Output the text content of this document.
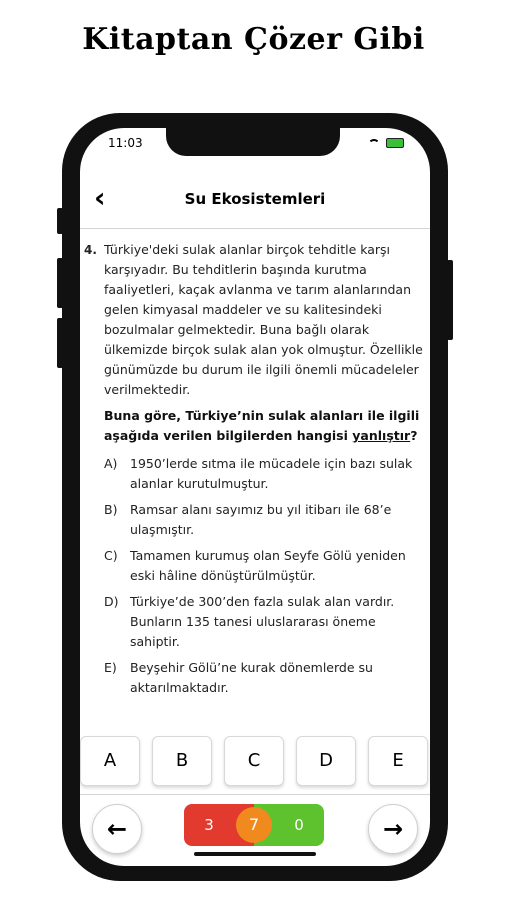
Kitaptan Çözer Gibi
11:03
‹	Su Ekosistemleri
4. Türkiye'deki sulak alanlar birçok tehditle karşı karşıyadır. Bu tehditlerin başında kurutma faaliyetleri, kaçak avlanma ve tarım alanlarından gelen kimyasal maddeler ve su kalitesindeki bozulmalar gelmektedir. Buna bağlı olarak ülkemizde birçok sulak alan yok olmuştur. Özellikle günümüzde bu durum ile ilgili önemli mücadeleler verilmektedir.
Buna göre, Türkiye’nin sulak alanları ile ilgili aşağıda verilen bilgilerden hangisi yanlıştır?
A)	1950’lerde sıtma ile mücadele için bazı sulak alanlar kurutulmuştur.
B)	Ramsar alanı sayımız bu yıl itibarı ile 68’e ulaşmıştır.
C) Tamamen kurumuş olan Seyfe Gölü yeniden eski hâline dönüştürülmüştür.
D) Türkiye’de 300’den fazla sulak alan vardır. Bunların 135 tanesi uluslararası öneme sahiptir.
E)	Beyşehir Gölü’ne kurak dönemlerde su aktarılmaktadır.
A	B	C	D	E
←	3	0
7	→
